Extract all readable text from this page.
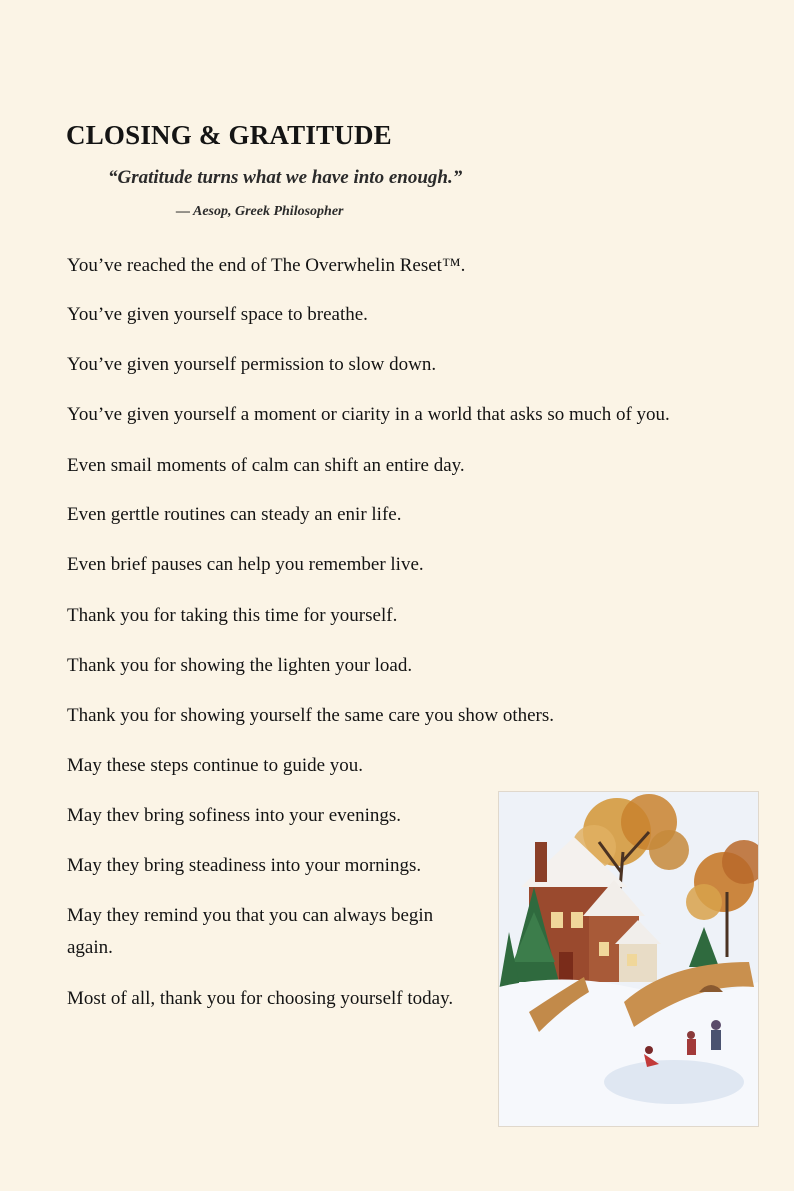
CLOSING & GRATITUDE
“Gratitude turns what we have into enough.”
— Aesop, Greek Philosopher
You’ve reached the end of The Overwhelin Reset™.
You’ve given yourself space to breathe.
You’ve given yourself permission to slow down.
You’ve given yourself a moment or ciarity in a world that asks so much of you.
Even smail moments of calm can shift an entire day.
Even gerttle routines can steady an enir life.
Even brief pauses can help you remember live.
Thank you for taking this time for yourself.
Thank you for showing the lighten your load.
Thank you for showing yourself the same care you show others.
May these steps continue to guide you.
May thev bring sofiness into your evenings.
May they bring steadiness into your mornings.
May they remind you that you can always begin
again.
Most of all, thank you for choosing yourself today.
